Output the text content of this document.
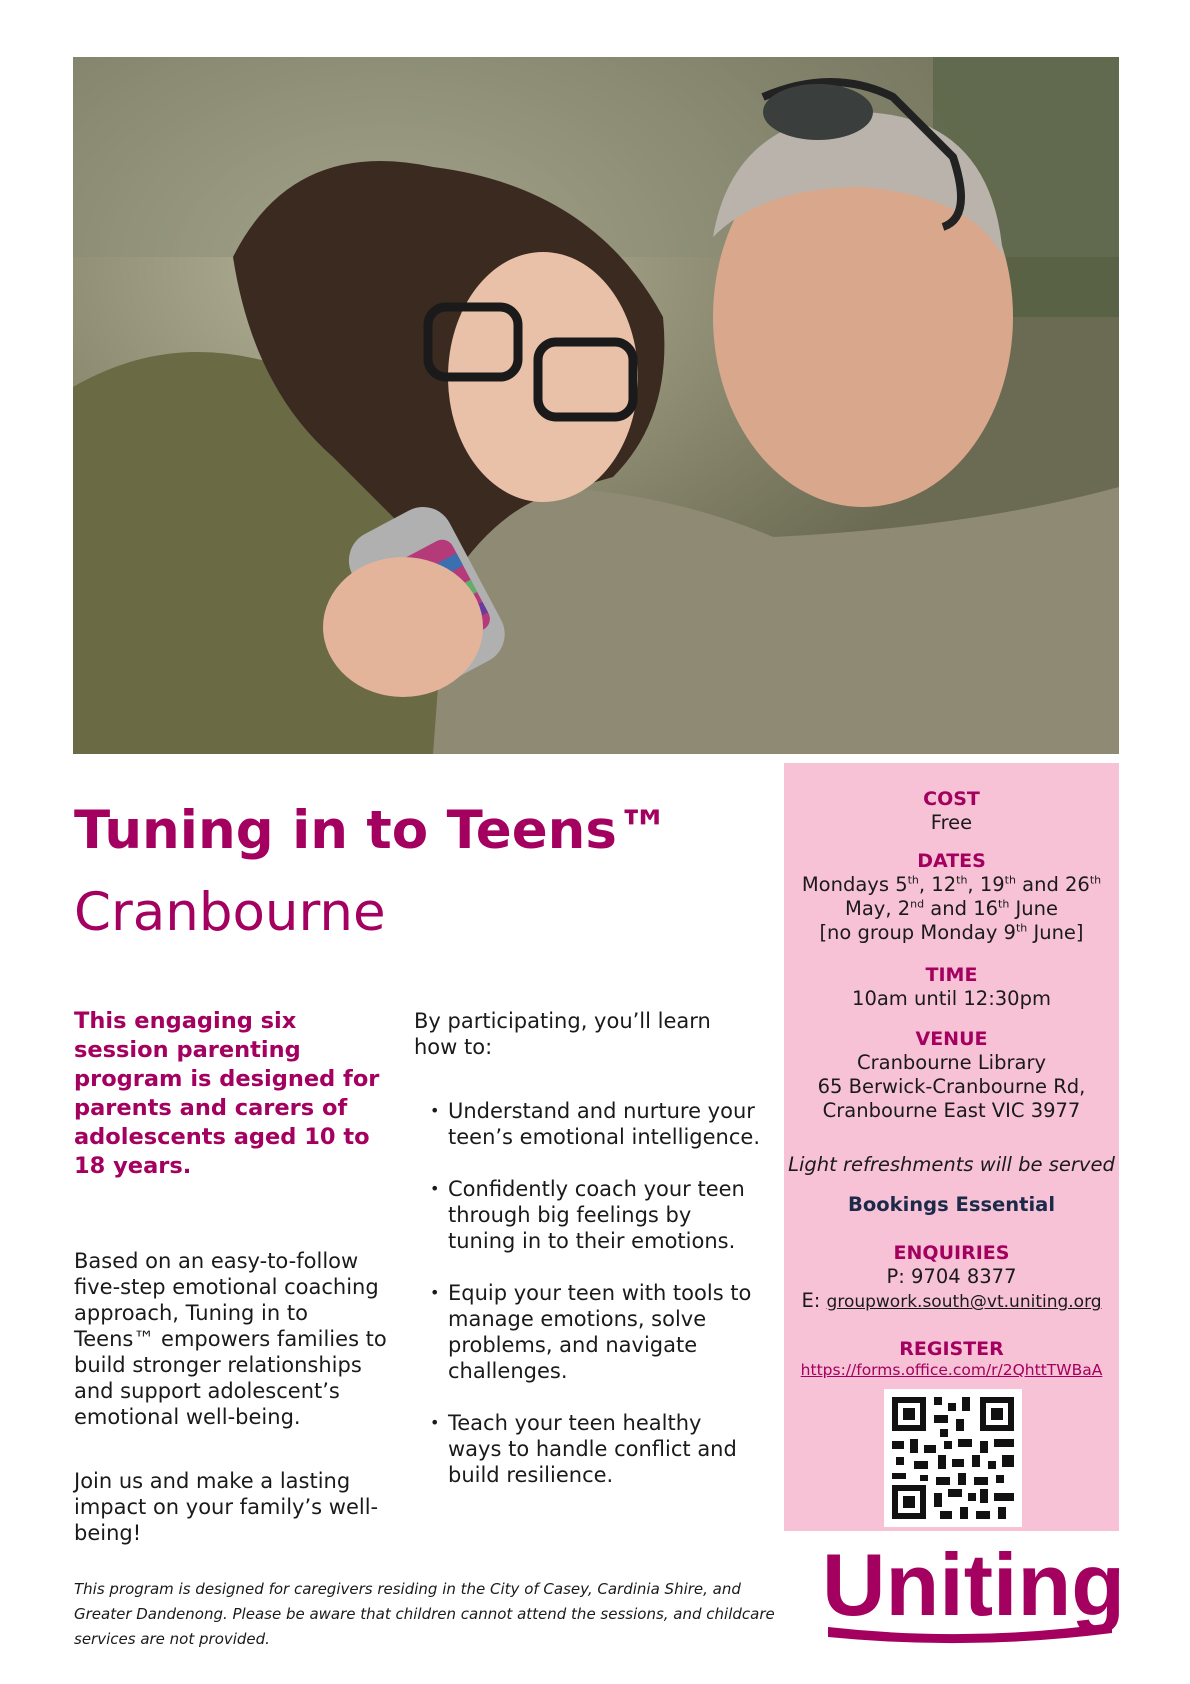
Tuning in to Teens™
Cranbourne

This engaging six session parenting program is designed for parents and carers of adolescents aged 10 to 18 years.

Based on an easy-to-follow five-step emotional coaching approach, Tuning in to Teens™ empowers families to build stronger relationships and support adolescent’s emotional well-being.

Join us and make a lasting impact on your family’s well-being!

By participating, you’ll learn how to:

• Understand and nurture your teen’s emotional intelligence.
• Confidently coach your teen through big feelings by tuning in to their emotions.
• Equip your teen with tools to manage emotions, solve problems, and navigate challenges.
• Teach your teen healthy ways to handle conflict and build resilience.

This program is designed for caregivers residing in the City of Casey, Cardinia Shire, and Greater Dandenong. Please be aware that children cannot attend the sessions, and childcare services are not provided.

COST
Free
DATES
Mondays 5th, 12th, 19th and 26th
May, 2nd and 16th June
[no group Monday 9th June]
TIME
10am until 12:30pm
VENUE
Cranbourne Library
65 Berwick-Cranbourne Rd,
Cranbourne East VIC 3977
Light refreshments will be served
Bookings Essential
ENQUIRIES
P: 9704 8377
E: groupwork.south@vt.uniting.org
REGISTER
https://forms.office.com/r/2QhttTWBaA
Uniting
